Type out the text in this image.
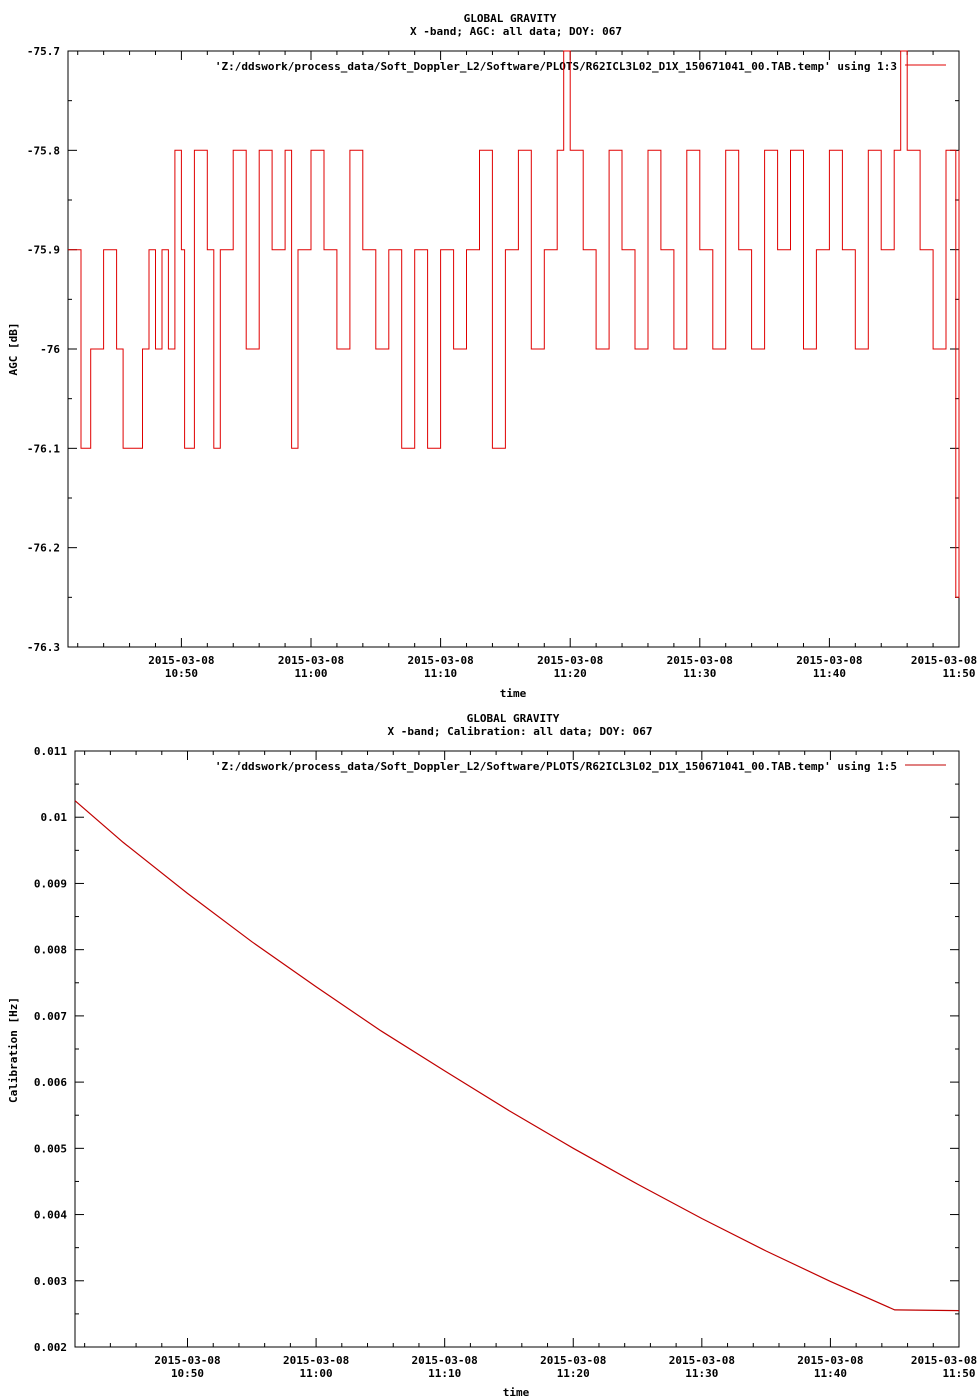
GLOBAL GRAVITY
X -band; AGC: all data; DOY: 067
-75.7
-75.8
-75.9
-76
-76.1
-76.2
-76.3
2015-03-08
10:50
2015-03-08
11:00
2015-03-08
11:10
2015-03-08
11:20
2015-03-08
11:30
2015-03-08
11:40
2015-03-08
11:50
AGC [dB]
time
'Z:/ddswork/process_data/Soft_Doppler_L2/Software/PLOTS/R62ICL3L02_D1X_150671041_00.TAB.temp' using 1:3
GLOBAL GRAVITY
X -band; Calibration: all data; DOY: 067
0.011
0.01
0.009
0.008
0.007
0.006
0.005
0.004
0.003
0.002
2015-03-08
10:50
2015-03-08
11:00
2015-03-08
11:10
2015-03-08
11:20
2015-03-08
11:30
2015-03-08
11:40
2015-03-08
11:50
Calibration [Hz]
time
'Z:/ddswork/process_data/Soft_Doppler_L2/Software/PLOTS/R62ICL3L02_D1X_150671041_00.TAB.temp' using 1:5
